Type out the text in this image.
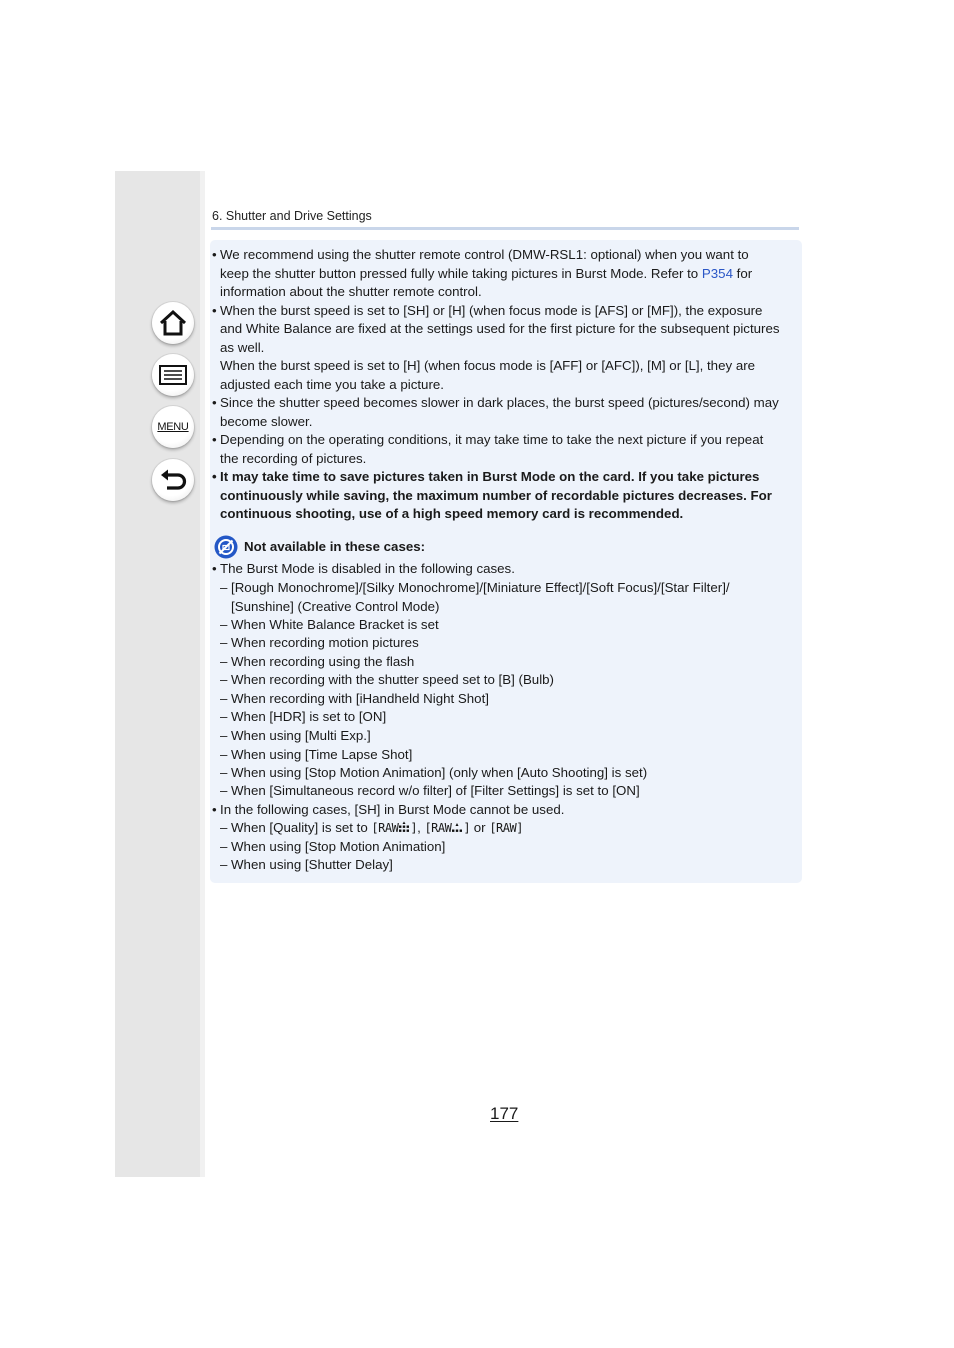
MENU
6. Shutter and Drive Settings
• We recommend using the shutter remote control (DMW-RSL1: optional) when you want to
keep the shutter button pressed fully while taking pictures in Burst Mode. Refer to P354 for
information about the shutter remote control.
• When the burst speed is set to [SH] or [H] (when focus mode is [AFS] or [MF]), the exposure
and White Balance are fixed at the settings used for the first picture for the subsequent pictures
as well.
When the burst speed is set to [H] (when focus mode is [AFF] or [AFC]), [M] or [L], they are
adjusted each time you take a picture.
• Since the shutter speed becomes slower in dark places, the burst speed (pictures/second) may
become slower.
• Depending on the operating conditions, it may take time to take the next picture if you repeat
the recording of pictures.
• It may take time to save pictures taken in Burst Mode on the card. If you take pictures
continuously while saving, the maximum number of recordable pictures decreases. For
continuous shooting, use of a high speed memory card is recommended.
Not available in these cases:
• The Burst Mode is disabled in the following cases.
– [Rough Monochrome]/[Silky Monochrome]/[Miniature Effect]/[Soft Focus]/[Star Filter]/
[Sunshine] (Creative Control Mode)
– When White Balance Bracket is set
– When recording motion pictures
– When recording using the flash
– When recording with the shutter speed set to [B] (Bulb)
– When recording with [iHandheld Night Shot]
– When [HDR] is set to [ON]
– When using [Multi Exp.]
– When using [Time Lapse Shot]
– When using [Stop Motion Animation] (only when [Auto Shooting] is set)
– When [Simultaneous record w/o filter] of [Filter Settings] is set to [ON]
• In the following cases, [SH] in Burst Mode cannot be used.
– When [Quality] is set to [RAW ], [RAW ] or [RAW]
– When using [Stop Motion Animation]
– When using [Shutter Delay]
177
